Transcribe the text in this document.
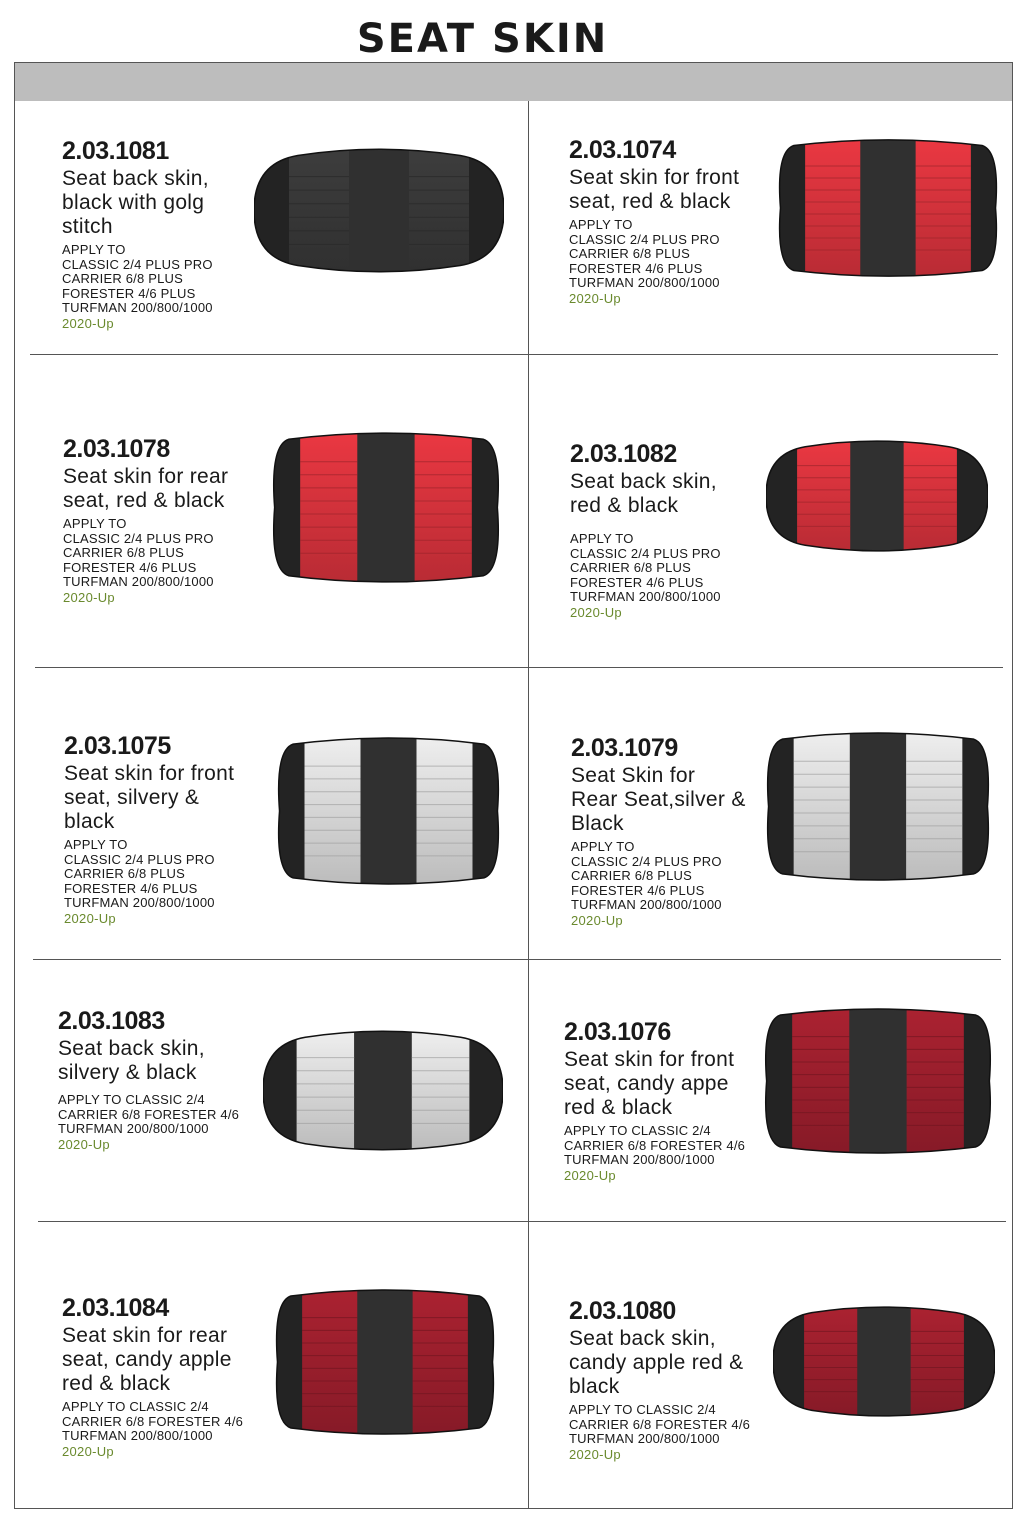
SEAT SKIN
2.03.1081
Seat back skin,
black with golg
stitch
APPLY TO
CLASSIC 2/4 PLUS PRO
CARRIER 6/8 PLUS
FORESTER 4/6 PLUS
TURFMAN 200/800/1000
2020-Up
2.03.1074
Seat skin for front
seat, red & black
APPLY TO
CLASSIC 2/4 PLUS PRO
CARRIER 6/8 PLUS
FORESTER 4/6 PLUS
TURFMAN 200/800/1000
2020-Up
2.03.1078
Seat skin for rear
seat, red & black
APPLY TO
CLASSIC 2/4 PLUS PRO
CARRIER 6/8 PLUS
FORESTER 4/6 PLUS
TURFMAN 200/800/1000
2020-Up
2.03.1082
Seat back skin,
red & black
APPLY TO
CLASSIC 2/4 PLUS PRO
CARRIER 6/8 PLUS
FORESTER 4/6 PLUS
TURFMAN 200/800/1000
2020-Up
2.03.1075
Seat skin for front
seat, silvery &
black
APPLY TO
CLASSIC 2/4 PLUS PRO
CARRIER 6/8 PLUS
FORESTER 4/6 PLUS
TURFMAN 200/800/1000
2020-Up
2.03.1079
Seat Skin for
Rear Seat,silver &
Black
APPLY TO
CLASSIC 2/4 PLUS PRO
CARRIER 6/8 PLUS
FORESTER 4/6 PLUS
TURFMAN 200/800/1000
2020-Up
2.03.1083
Seat back skin,
silvery & black
APPLY TO CLASSIC 2/4
CARRIER 6/8 FORESTER 4/6
TURFMAN 200/800/1000
2020-Up
2.03.1076
Seat skin for front
seat, candy appe
red & black
APPLY TO CLASSIC 2/4
CARRIER 6/8 FORESTER 4/6
TURFMAN 200/800/1000
2020-Up
2.03.1084
Seat skin for rear
seat, candy apple
red & black
APPLY TO CLASSIC 2/4
CARRIER 6/8 FORESTER 4/6
TURFMAN 200/800/1000
2020-Up
2.03.1080
Seat back skin,
candy apple red &
black
APPLY TO CLASSIC 2/4
CARRIER 6/8 FORESTER 4/6
TURFMAN 200/800/1000
2020-Up
